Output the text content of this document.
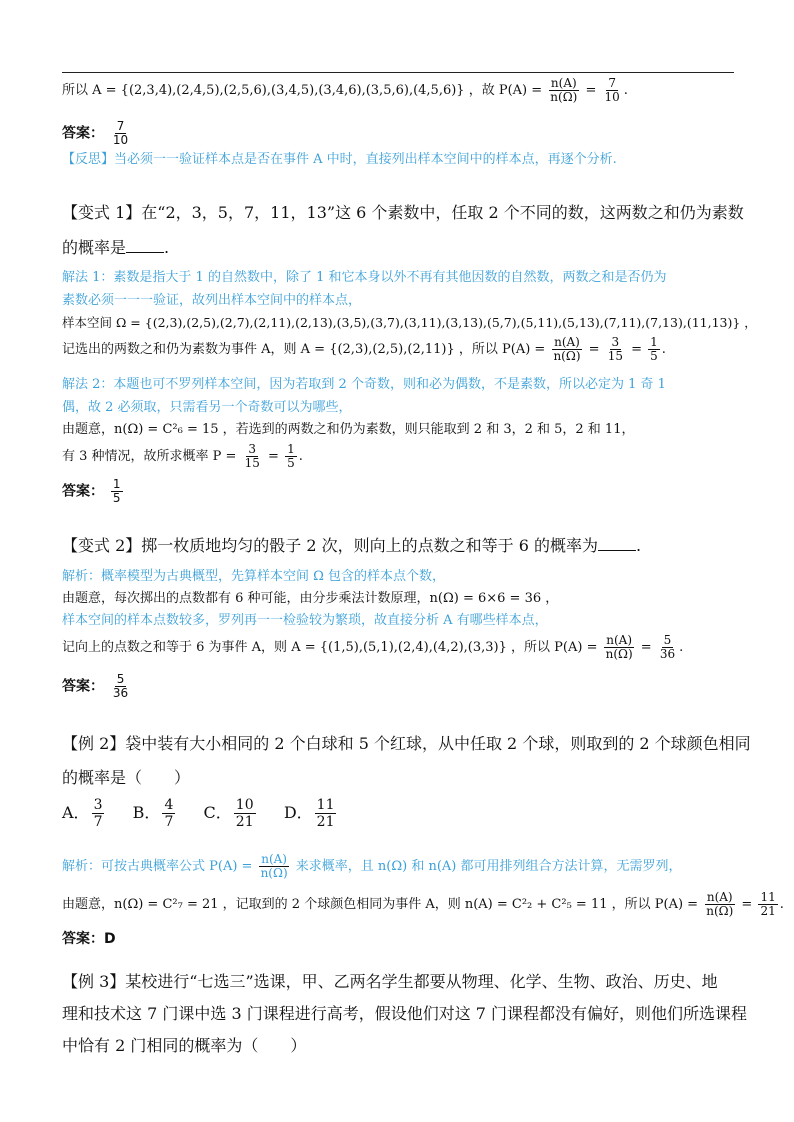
所以 A = {(2,3,4),(2,4,5),(2,5,6),(3,4,5),(3,4,6),(3,5,6),(4,5,6)} ，故 $P(A) = \frac{n(A)}{n(\Omega)} = \frac{7}{10}$ .
答案： $\frac{7}{10}$
【反思】当必须一一验证样本点是否在事件 A 中时，直接列出样本空间中的样本点，再逐个分析.
【变式 1】在“2，3，5，7，11，13”这 6 个素数中，任取 2 个不同的数，这两数之和仍为素数
的概率是 .
解法 1：素数是指大于 1 的自然数中，除了 1 和它本身以外不再有其他因数的自然数，两数之和是否仍为
素数必须一一一验证，故列出样本空间中的样本点，
样本空间 Ω = {(2,3),(2,5),(2,7),(2,11),(2,13),(3,5),(3,7),(3,11),(3,13),(5,7),(5,11),(5,13),(7,11),(7,13),(11,13)} ，
记选出的两数之和仍为素数为事件 A，则 A = {(2,3),(2,5),(2,11)} ，所以 $P(A) = \frac{n(A)}{n(\Omega)} = \frac{3}{15} = \frac{1}{5}$ .
解法 2：本题也可不罗列样本空间，因为若取到 2 个奇数，则和必为偶数，不是素数，所以必定为 1 奇 1
偶，故 2 必须取，只需看另一个奇数可以为哪些，
由题意，n(Ω) = C²₆ = 15 ，若选到的两数之和仍为素数，则只能取到 2 和 3，2 和 5，2 和 11，
有 3 种情况，故所求概率 $P = \frac{3}{15} = \frac{1}{5}$ .
答案： $\frac{1}{5}$
【变式 2】掷一枚质地均匀的骰子 2 次，则向上的点数之和等于 6 的概率为 .
解析：概率模型为古典概型，先算样本空间 Ω 包含的样本点个数，
由题意，每次掷出的点数都有 6 种可能，由分步乘法计数原理，n(Ω) = 6×6 = 36 ，
样本空间的样本点数较多，罗列再一一检验较为繁琐，故直接分析 A 有哪些样本点，
记向上的点数之和等于 6 为事件 A，则 A = {(1,5),(5,1),(2,4),(4,2),(3,3)} ，所以 $P(A) = \frac{n(A)}{n(\Omega)} = \frac{5}{36}$ .
答案： $\frac{5}{36}$
【例 2】袋中装有大小相同的 2 个白球和 5 个红球，从中任取 2 个球，则取到的 2 个球颜色相同
的概率是（　　）
A． $\frac{3}{7}$ B． $\frac{4}{7}$ C． $\frac{10}{21}$ D． $\frac{11}{21}$
解析：可按古典概率公式 $P(A) = \frac{n(A)}{n(\Omega)}$ 来求概率，且 n(Ω) 和 n(A) 都可用排列组合方法计算，无需罗列，
由题意，n(Ω) = C²₇ = 21 ，记取到的 2 个球颜色相同为事件 A，则 n(A) = C²₂ + C²₅ = 11 ，所以 $P(A) = \frac{n(A)}{n(\Omega)} = \frac{11}{21}$ .
答案：D
【例 3】某校进行“七选三”选课，甲、乙两名学生都要从物理、化学、生物、政治、历史、地
理和技术这 7 门课中选 3 门课程进行高考，假设他们对这 7 门课程都没有偏好，则他们所选课程
中恰有 2 门相同的概率为（　　）
